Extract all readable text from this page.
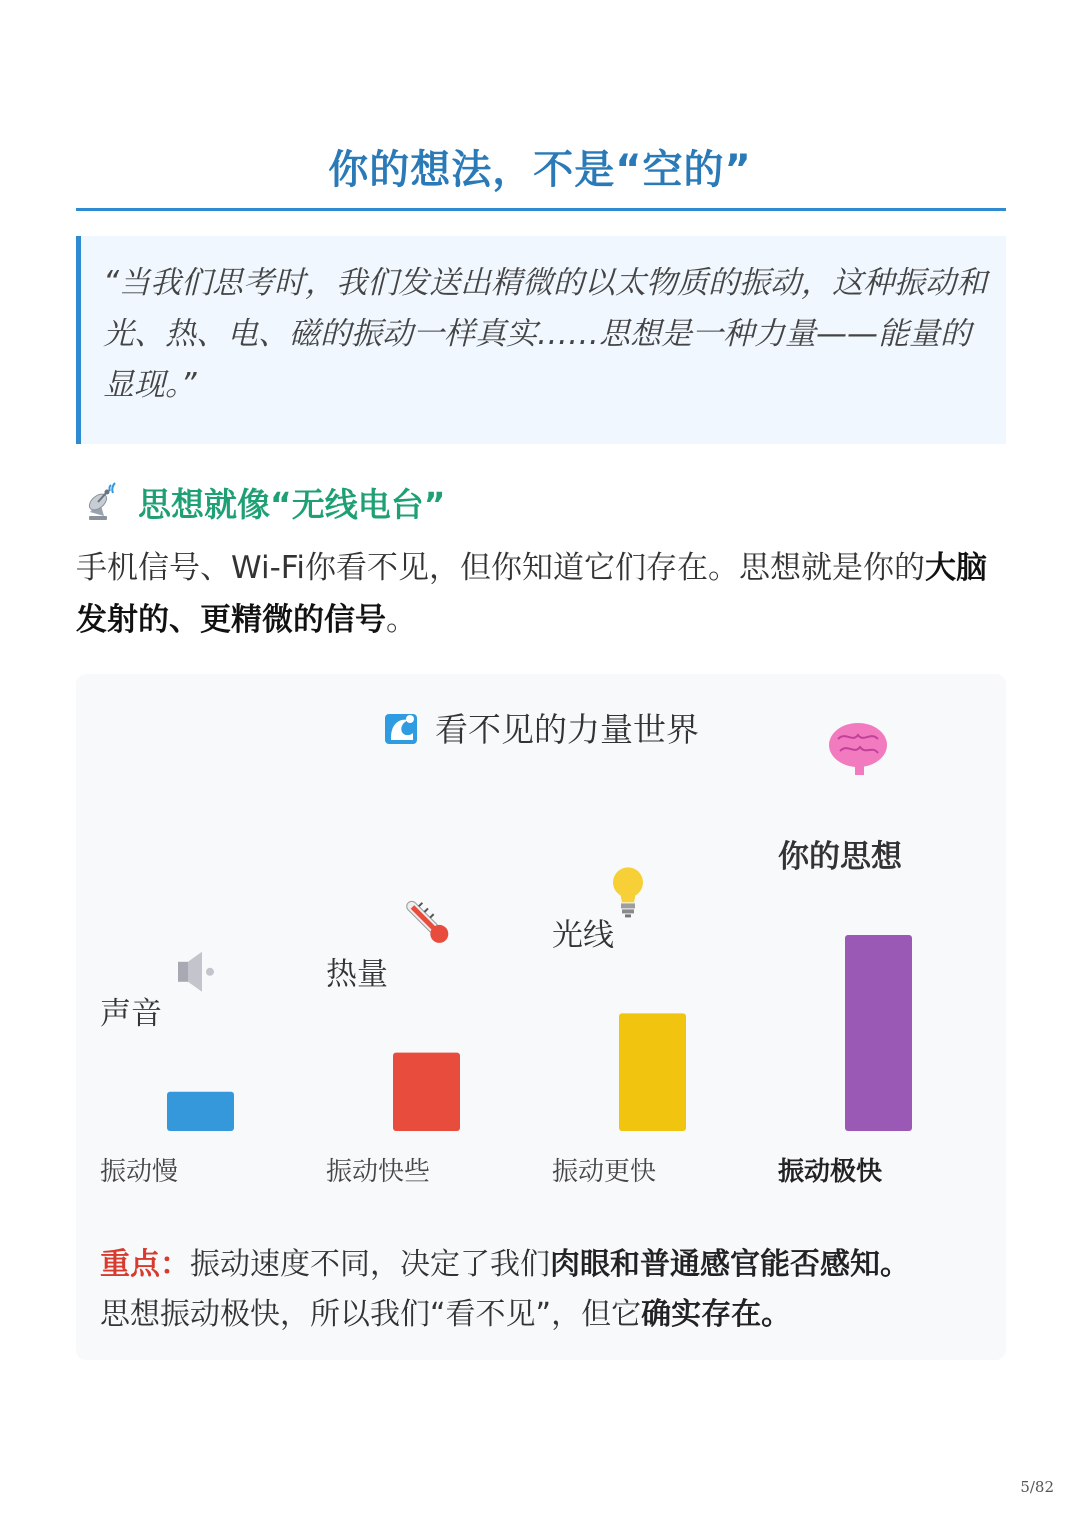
你的想法，不是“空的”
“当我们思考时，我们发送出精微的以太物质的振动，这种振动和光、热、电、磁的振动一样真实……思想是一种力量——能量的显现。”
思想就像“无线电台”
手机信号、Wi-Fi你看不见，但你知道它们存在。思想就是你的大脑发射的、更精微的信号。
看不见的力量世界
声音
振动慢
热量
振动快些
光线
振动更快
你的思想
振动极快
重点：振动速度不同，决定了我们肉眼和普通感官能否感知。
思想振动极快，所以我们“看不见”，但它确实存在。
5/82
